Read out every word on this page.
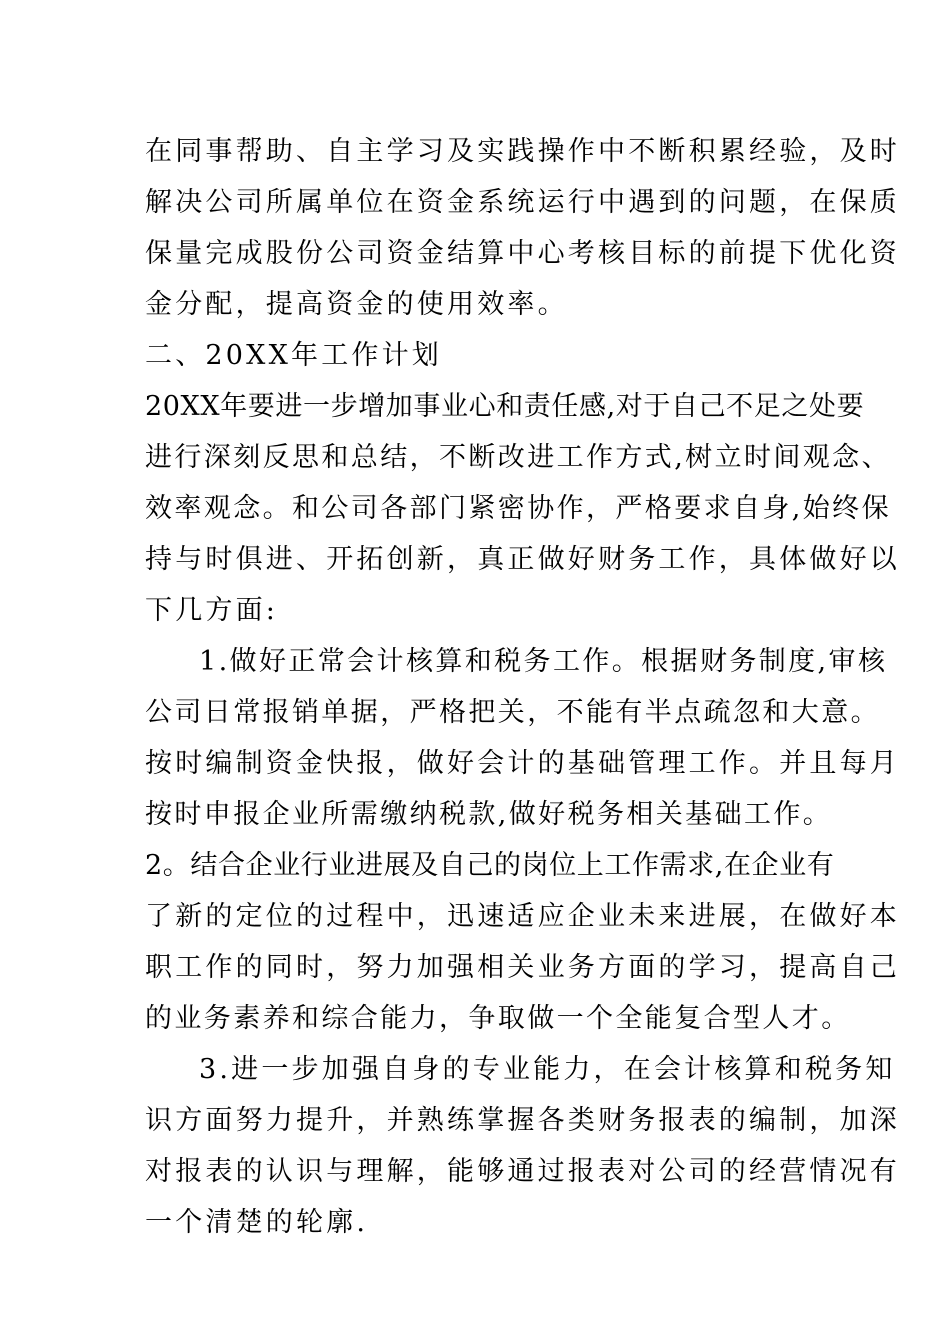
在同事帮助、自主学习及实践操作中不断积累经验，及时
解决公司所属单位在资金系统运行中遇到的问题，在保质
保量完成股份公司资金结算中心考核目标的前提下优化资
金分配，提高资金的使用效率。
二、20XX年工作计划
20XX年要进一步增加事业心和责任感,对于自己不足之处要
进行深刻反思和总结，不断改进工作方式,树立时间观念、
效率观念。和公司各部门紧密协作，严格要求自身,始终保
持与时俱进、开拓创新，真正做好财务工作，具体做好以
下几方面:
1.做好正常会计核算和税务工作。根据财务制度,审核
公司日常报销单据，严格把关，不能有半点疏忽和大意。
按时编制资金快报，做好会计的基础管理工作。并且每月
按时申报企业所需缴纳税款,做好税务相关基础工作。
2。结合企业行业进展及自己的岗位上工作需求,在企业有
了新的定位的过程中，迅速适应企业未来进展，在做好本
职工作的同时，努力加强相关业务方面的学习，提高自己
的业务素养和综合能力，争取做一个全能复合型人才。
3.进一步加强自身的专业能力，在会计核算和税务知
识方面努力提升，并熟练掌握各类财务报表的编制，加深
对报表的认识与理解，能够通过报表对公司的经营情况有
一个清楚的轮廓.
